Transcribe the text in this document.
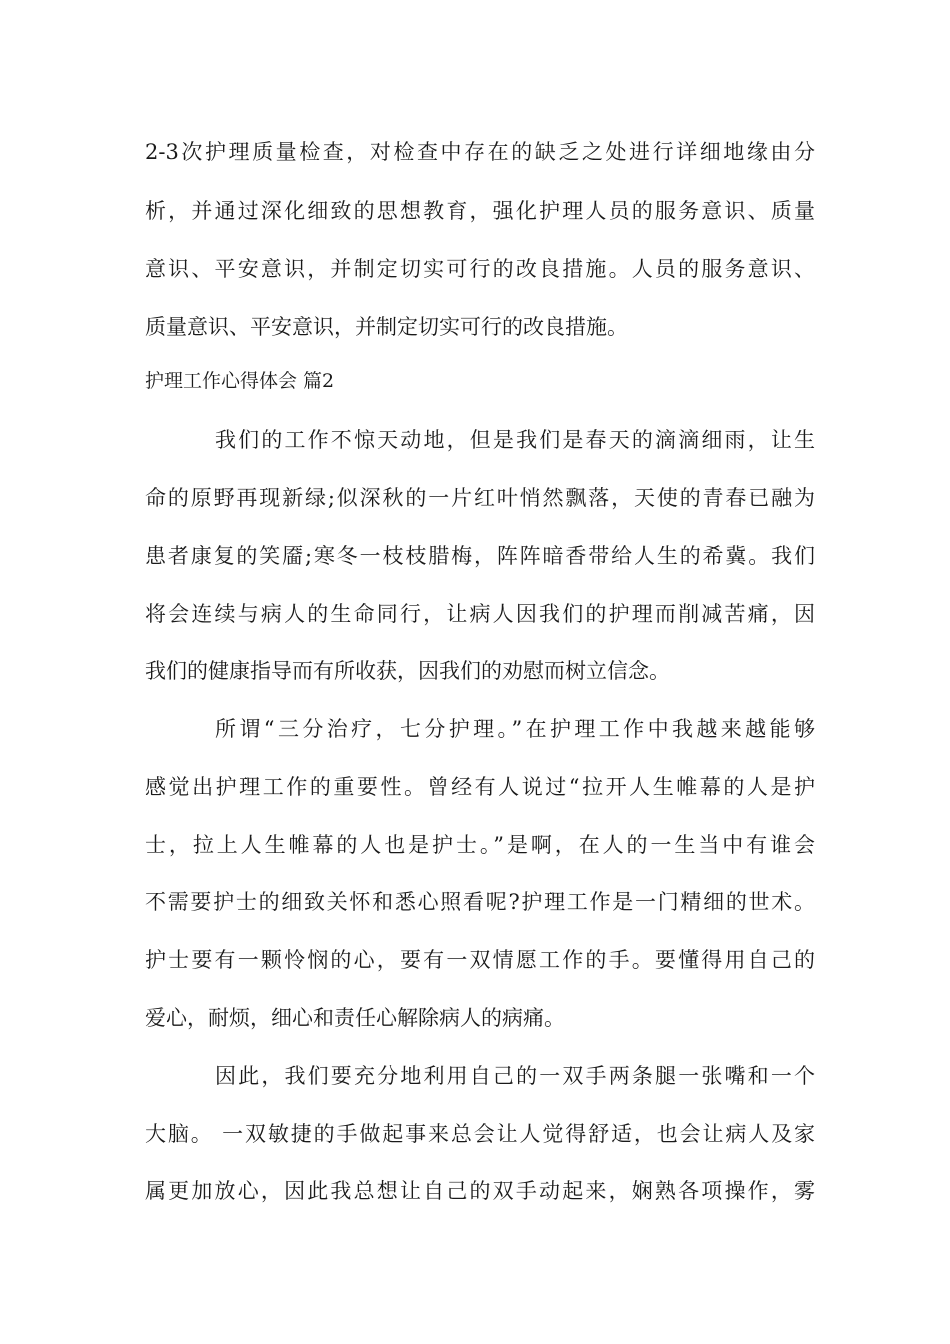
2-3次护理质量检查，对检查中存在的缺乏之处进行详细地缘由分

析，并通过深化细致的思想教育，强化护理人员的服务意识、质量

意识、平安意识，并制定切实可行的改良措施。人员的服务意识、

质量意识、平安意识，并制定切实可行的改良措施。

护理工作心得体会 篇2

我们的工作不惊天动地，但是我们是春天的滴滴细雨，让生

命的原野再现新绿;似深秋的一片红叶悄然飘落，天使的青春已融为

患者康复的笑靥;寒冬一枝枝腊梅，阵阵暗香带给人生的希冀。我们

将会连续与病人的生命同行，让病人因我们的护理而削减苦痛，因

我们的健康指导而有所收获，因我们的劝慰而树立信念。

所谓“三分治疗，七分护理。”在护理工作中我越来越能够

感觉出护理工作的重要性。曾经有人说过“拉开人生帷幕的人是护

士，拉上人生帷幕的人也是护士。”是啊，在人的一生当中有谁会

不需要护士的细致关怀和悉心照看呢?护理工作是一门精细的世术。

护士要有一颗怜悯的心，要有一双情愿工作的手。要懂得用自己的

爱心，耐烦，细心和责任心解除病人的病痛。

因此，我们要充分地利用自己的一双手两条腿一张嘴和一个

大脑。 一双敏捷的手做起事来总会让人觉得舒适，也会让病人及家

属更加放心，因此我总想让自己的双手动起来，娴熟各项操作，雾
